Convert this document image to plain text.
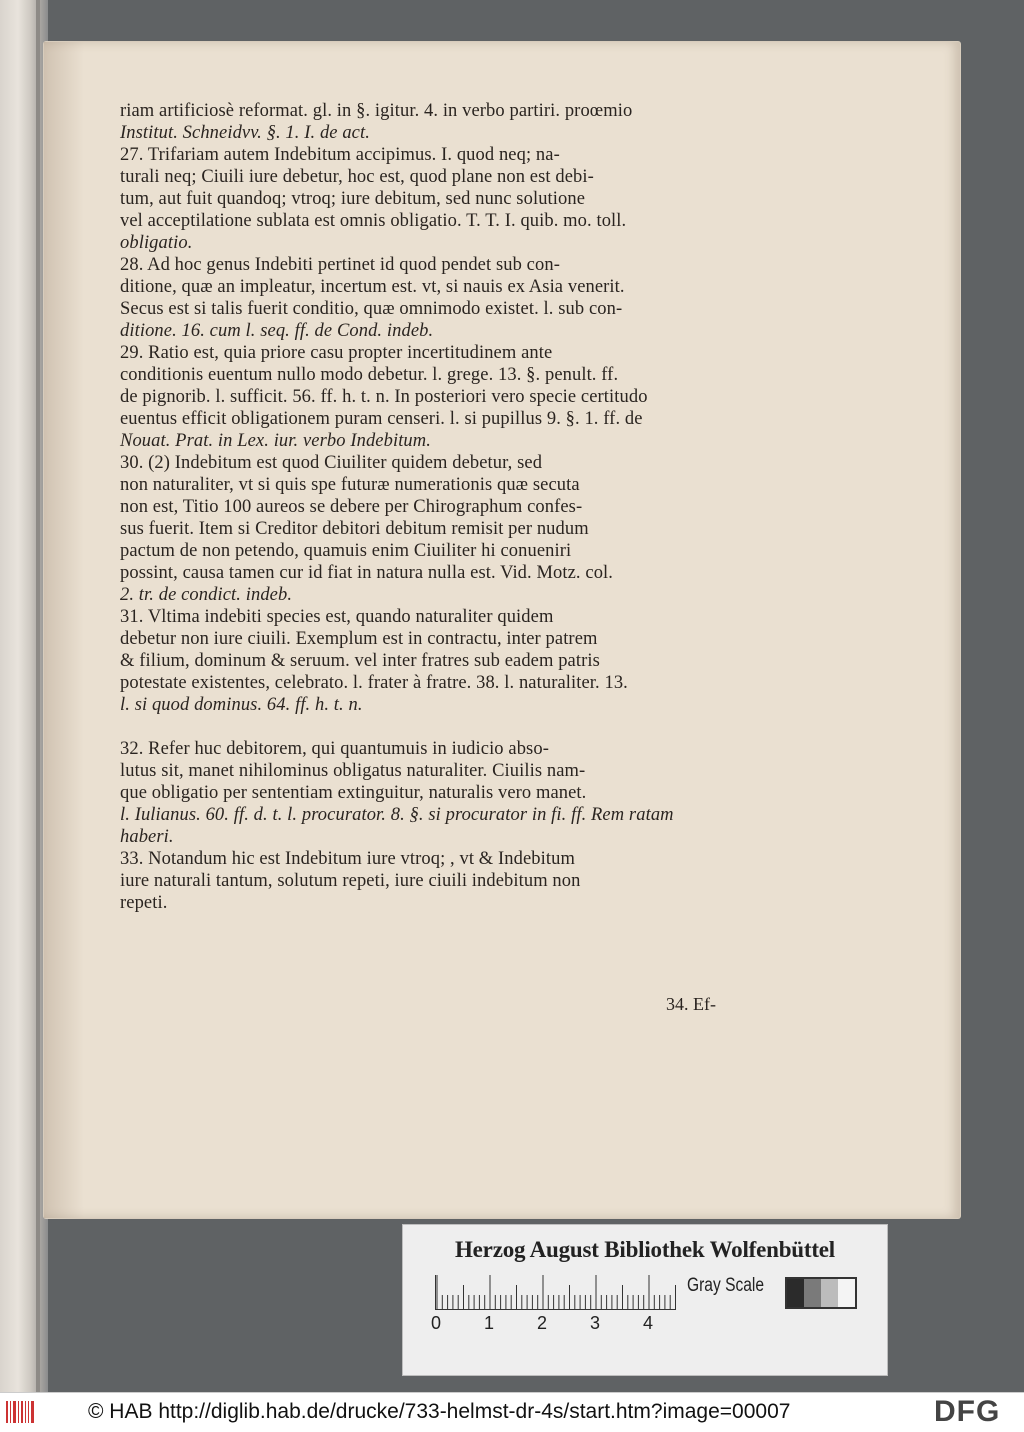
riam artificiosè reformat. gl. in §. igitur. 4. in verbo partiri. proœmio
Institut. Schneidvv. §. 1. I. de act.
27. Trifariam autem Indebitum accipimus. I. quod neq; na-
turali neq; Ciuili iure debetur, hoc est, quod plane non est debi-
tum, aut fuit quandoq; vtroq; iure debitum, sed nunc solutione
vel acceptilatione sublata est omnis obligatio. T. T. I. quib. mo. toll.
obligatio.
28. Ad hoc genus Indebiti pertinet id quod pendet sub con-
ditione, quæ an impleatur, incertum est. vt, si nauis ex Asia venerit.
Secus est si talis fuerit conditio, quæ omnimodo existet. l. sub con-
ditione. 16. cum l. seq. ff. de Cond. indeb.
29. Ratio est, quia priore casu propter incertitudinem ante
conditionis euentum nullo modo debetur. l. grege. 13. §. penult. ff.
de pignorib. l. sufficit. 56. ff. h. t. n. In posteriori vero specie certitudo
euentus efficit obligationem puram censeri. l. si pupillus 9. §. 1. ff. de
Nouat. Prat. in Lex. iur. verbo Indebitum.
30. (2) Indebitum est quod Ciuiliter quidem debetur, sed
non naturaliter, vt si quis spe futuræ numerationis quæ secuta
non est, Titio 100 aureos se debere per Chirographum confes-
sus fuerit. Item si Creditor debitori debitum remisit per nudum
pactum de non petendo, quamuis enim Ciuiliter hi conueniri
possint, causa tamen cur id fiat in natura nulla est. Vid. Motz. col.
2. tr. de condict. indeb.
31. Vltima indebiti species est, quando naturaliter quidem
debetur non iure ciuili. Exemplum est in contractu, inter patrem
& filium, dominum & seruum. vel inter fratres sub eadem patris
potestate existentes, celebrato. l. frater à fratre. 38. l. naturaliter. 13.
l. si quod dominus. 64. ff. h. t. n.
32. Refer huc debitorem, qui quantumuis in iudicio abso-
lutus sit, manet nihilominus obligatus naturaliter. Ciuilis nam-
que obligatio per sententiam extinguitur, naturalis vero manet.
l. Iulianus. 60. ff. d. t. l. procurator. 8. §. si procurator in fi. ff. Rem ratam
haberi.
33. Notandum hic est Indebitum iure vtroq; , vt & Indebitum
iure naturali tantum, solutum repeti, iure ciuili indebitum non
repeti.
34. Ef-
Herzog August Bibliothek Wolfenbüttel
0 1 2 3 4
Gray Scale
© HAB http://diglib.hab.de/drucke/733-helmst-dr-4s/start.htm?image=00007	DFG
